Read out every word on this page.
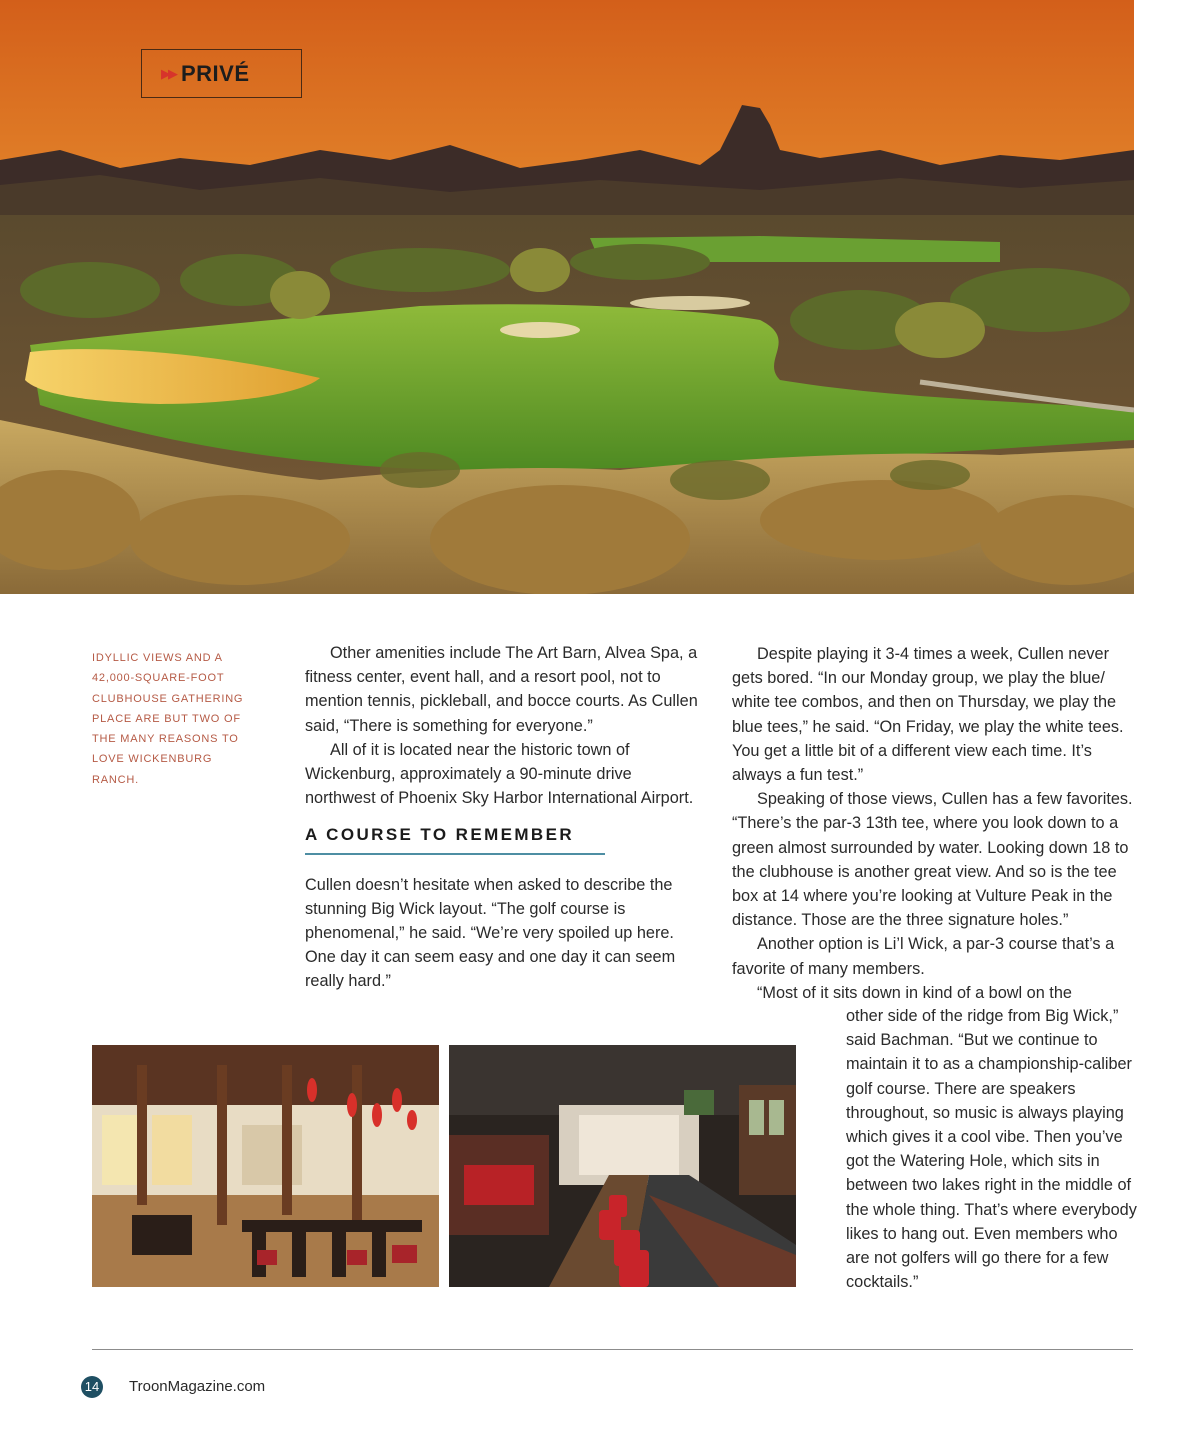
▶▶ PRIVÉ
IDYLLIC VIEWS AND A 42,000-SQUARE-FOOT CLUBHOUSE GATHERING PLACE ARE BUT TWO OF THE MANY REASONS TO LOVE WICKENBURG RANCH.

Other amenities include The Art Barn, Alvea Spa, a fitness center, event hall, and a resort pool, not to mention tennis, pickleball, and bocce courts. As Cullen said, “There is something for everyone.”

All of it is located near the historic town of Wickenburg, approximately a 90-minute drive northwest of Phoenix Sky Harbor International Airport.

A COURSE TO REMEMBER

Cullen doesn’t hesitate when asked to describe the stunning Big Wick layout. “The golf course is phenomenal,” he said. “We’re very spoiled up here. One day it can seem easy and one day it can seem really hard.”

Despite playing it 3-4 times a week, Cullen never gets bored. “In our Monday group, we play the blue/ white tee combos, and then on Thursday, we play the blue tees,” he said. “On Friday, we play the white tees. You get a little bit of a different view each time. It’s always a fun test.”

Speaking of those views, Cullen has a few favorites. “There’s the par-3 13th tee, where you look down to a green almost surrounded by water. Looking down 18 to the clubhouse is another great view. And so is the tee box at 14 where you’re looking at Vulture Peak in the distance. Those are the three signature holes.”

Another option is Li’l Wick, a par-3 course that’s a favorite of many members.

“Most of it sits down in kind of a bowl on the

other side of the ridge from Big Wick,” said Bachman. “But we continue to maintain it to as a championship-caliber golf course. There are speakers throughout, so music is always playing which gives it a cool vibe. Then you’ve got the Watering Hole, which sits in between two lakes right in the middle of the whole thing. That’s where everybody likes to hang out. Even members who are not golfers will go there for a few cocktails.”

14 TroonMagazine.com
